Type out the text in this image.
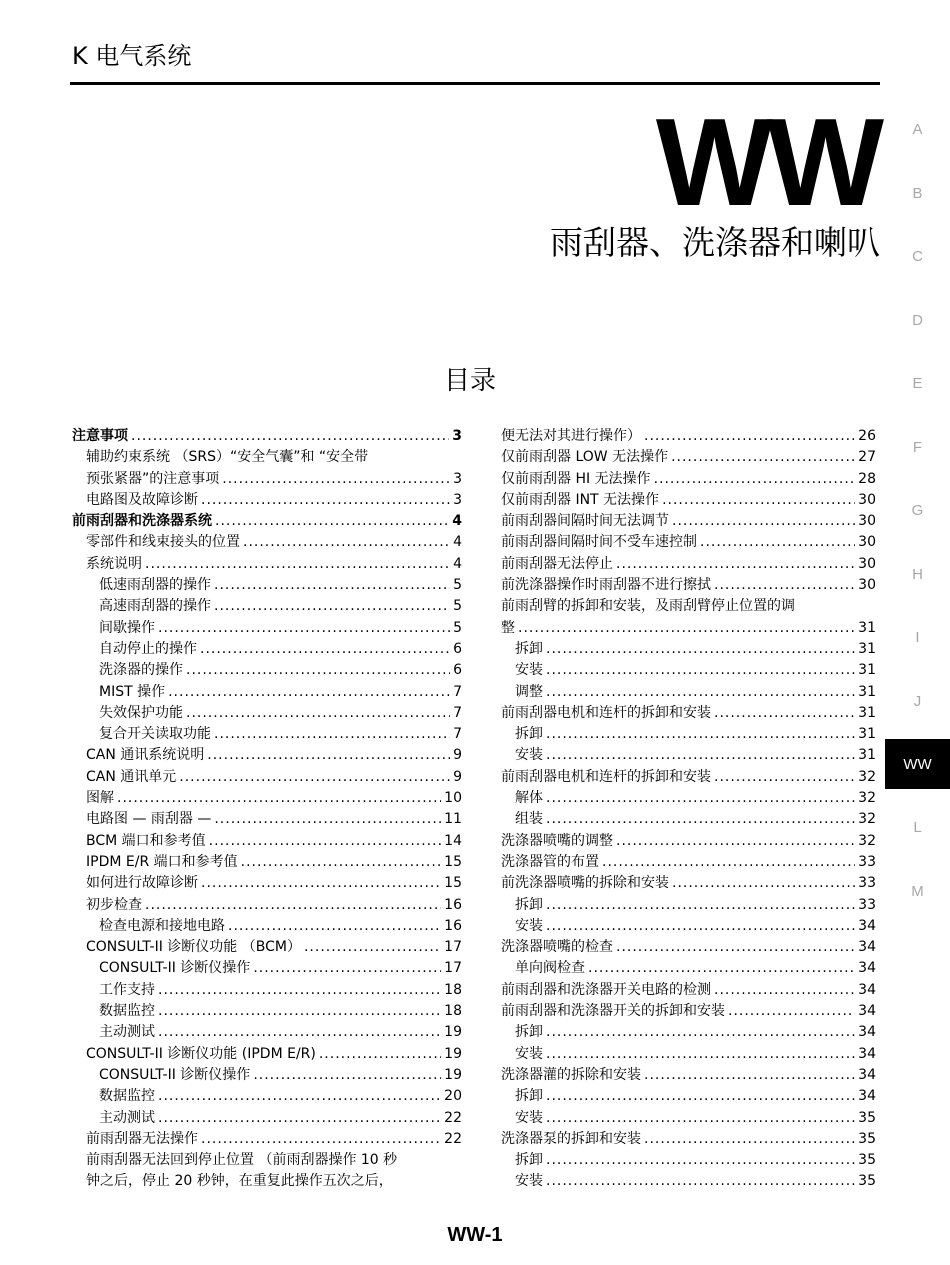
K 电气系统
WW
雨刮器、洗涤器和喇叭
A
B
C
D
E
F
G
H
I
J
WW
L
M
目录
注意事项 .....	3
辅助约束系统 （SRS）“安全气囊”和 “安全带
预张紧器”的注意事项 .....	3
电路图及故障诊断 .....	3
前雨刮器和洗涤器系统 .....	4
零部件和线束接头的位置 .....	4
系统说明 .....	4
低速雨刮器的操作 .....	5
高速雨刮器的操作 .....	5
间歇操作 .....	5
自动停止的操作 .....	6
洗涤器的操作 .....	6
MIST 操作 .....	7
失效保护功能 .....	7
复合开关读取功能 .....	7
CAN 通讯系统说明 .....	9
CAN 通讯单元 .....	9
图解 .....	10
电路图 — 雨刮器 — .....	11
BCM 端口和参考值 .....	14
IPDM E/R 端口和参考值 .....	15
如何进行故障诊断 .....	15
初步检查 .....	16
检查电源和接地电路 .....	16
CONSULT-II 诊断仪功能 （BCM） .....	17
CONSULT-II 诊断仪操作 .....	17
工作支持 .....	18
数据监控 .....	18
主动测试 .....	19
CONSULT-II 诊断仪功能 (IPDM E/R) .....	19
CONSULT-II 诊断仪操作 .....	19
数据监控 .....	20
主动测试 .....	22
前雨刮器无法操作 .....	22
前雨刮器无法回到停止位置 （前雨刮器操作 10 秒
钟之后，停止 20 秒钟，在重复此操作五次之后，
便无法对其进行操作） .....	26
仅前雨刮器 LOW 无法操作 .....	27
仅前雨刮器 HI 无法操作 .....	28
仅前雨刮器 INT 无法操作 .....	30
前雨刮器间隔时间无法调节 .....	30
前雨刮器间隔时间不受车速控制 .....	30
前雨刮器无法停止 .....	30
前洗涤器操作时雨刮器不进行擦拭 .....	30
前雨刮臂的拆卸和安装，及雨刮臂停止位置的调
整 .....	31
拆卸 .....	31
安装 .....	31
调整 .....	31
前雨刮器电机和连杆的拆卸和安装 .....	31
拆卸 .....	31
安装 .....	31
前雨刮器电机和连杆的拆卸和安装 .....	32
解体 .....	32
组装 .....	32
洗涤器喷嘴的调整 .....	32
洗涤器管的布置 .....	33
前洗涤器喷嘴的拆除和安装 .....	33
拆卸 .....	33
安装 .....	34
洗涤器喷嘴的检查 .....	34
单向阀检查 .....	34
前雨刮器和洗涤器开关电路的检测 .....	34
前雨刮器和洗涤器开关的拆卸和安装 .....	34
拆卸 .....	34
安装 .....	34
洗涤器灌的拆除和安装 .....	34
拆卸 .....	34
安装 .....	35
洗涤器泵的拆卸和安装 .....	35
拆卸 .....	35
安装 .....	35
WW-1
